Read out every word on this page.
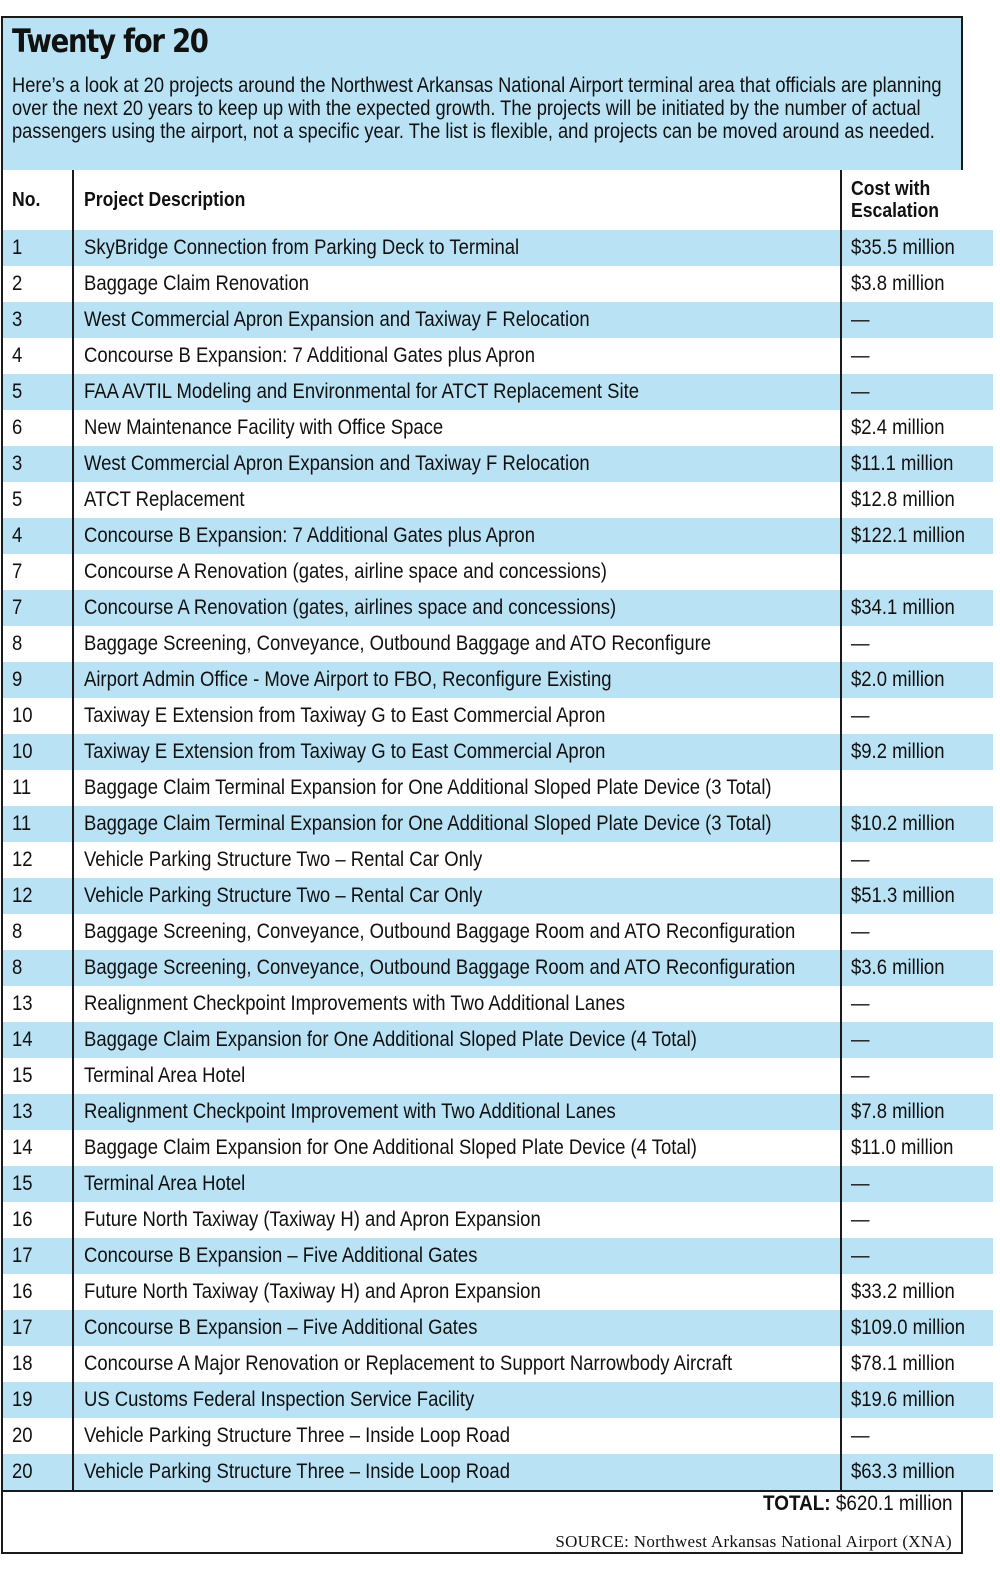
Twenty for 20

Here’s a look at 20 projects around the Northwest Arkansas National Airport terminal area that officials are planning over the next 20 years to keep up with the expected growth. The projects will be initiated by the number of actual passengers using the airport, not a specific year. The list is flexible, and projects can be moved around as needed.

No.	Project Description	Cost with
Escalation
1	SkyBridge Connection from Parking Deck to Terminal	$35.5 million
2	Baggage Claim Renovation	$3.8 million
3	West Commercial Apron Expansion and Taxiway F Relocation	—
4	Concourse B Expansion: 7 Additional Gates plus Apron	—
5	FAA AVTIL Modeling and Environmental for ATCT Replacement Site	—
6	New Maintenance Facility with Office Space	$2.4 million
3	West Commercial Apron Expansion and Taxiway F Relocation	$11.1 million
5	ATCT Replacement	$12.8 million
4	Concourse B Expansion: 7 Additional Gates plus Apron	$122.1 million
7	Concourse A Renovation (gates, airline space and concessions)	
7	Concourse A Renovation (gates, airlines space and concessions)	$34.1 million
8	Baggage Screening, Conveyance, Outbound Baggage and ATO Reconfigure	—
9	Airport Admin Office - Move Airport to FBO, Reconfigure Existing	$2.0 million
10	Taxiway E Extension from Taxiway G to East Commercial Apron	—
10	Taxiway E Extension from Taxiway G to East Commercial Apron	$9.2 million
11	Baggage Claim Terminal Expansion for One Additional Sloped Plate Device (3 Total)	
11	Baggage Claim Terminal Expansion for One Additional Sloped Plate Device (3 Total)	$10.2 million
12	Vehicle Parking Structure Two – Rental Car Only	—
12	Vehicle Parking Structure Two – Rental Car Only	$51.3 million
8	Baggage Screening, Conveyance, Outbound Baggage Room and ATO Reconfiguration	—
8	Baggage Screening, Conveyance, Outbound Baggage Room and ATO Reconfiguration	$3.6 million
13	Realignment Checkpoint Improvements with Two Additional Lanes	—
14	Baggage Claim Expansion for One Additional Sloped Plate Device (4 Total)	—
15	Terminal Area Hotel	—
13	Realignment Checkpoint Improvement with Two Additional Lanes	$7.8 million
14	Baggage Claim Expansion for One Additional Sloped Plate Device (4 Total)	$11.0 million
15	Terminal Area Hotel	—
16	Future North Taxiway (Taxiway H) and Apron Expansion	—
17	Concourse B Expansion – Five Additional Gates	—
16	Future North Taxiway (Taxiway H) and Apron Expansion	$33.2 million
17	Concourse B Expansion – Five Additional Gates	$109.0 million
18	Concourse A Major Renovation or Replacement to Support Narrowbody Aircraft	$78.1 million
19	US Customs Federal Inspection Service Facility	$19.6 million
20	Vehicle Parking Structure Three – Inside Loop Road	—
20	Vehicle Parking Structure Three – Inside Loop Road	$63.3 million
TOTAL: $620.1 million
SOURCE: Northwest Arkansas National Airport (XNA)
